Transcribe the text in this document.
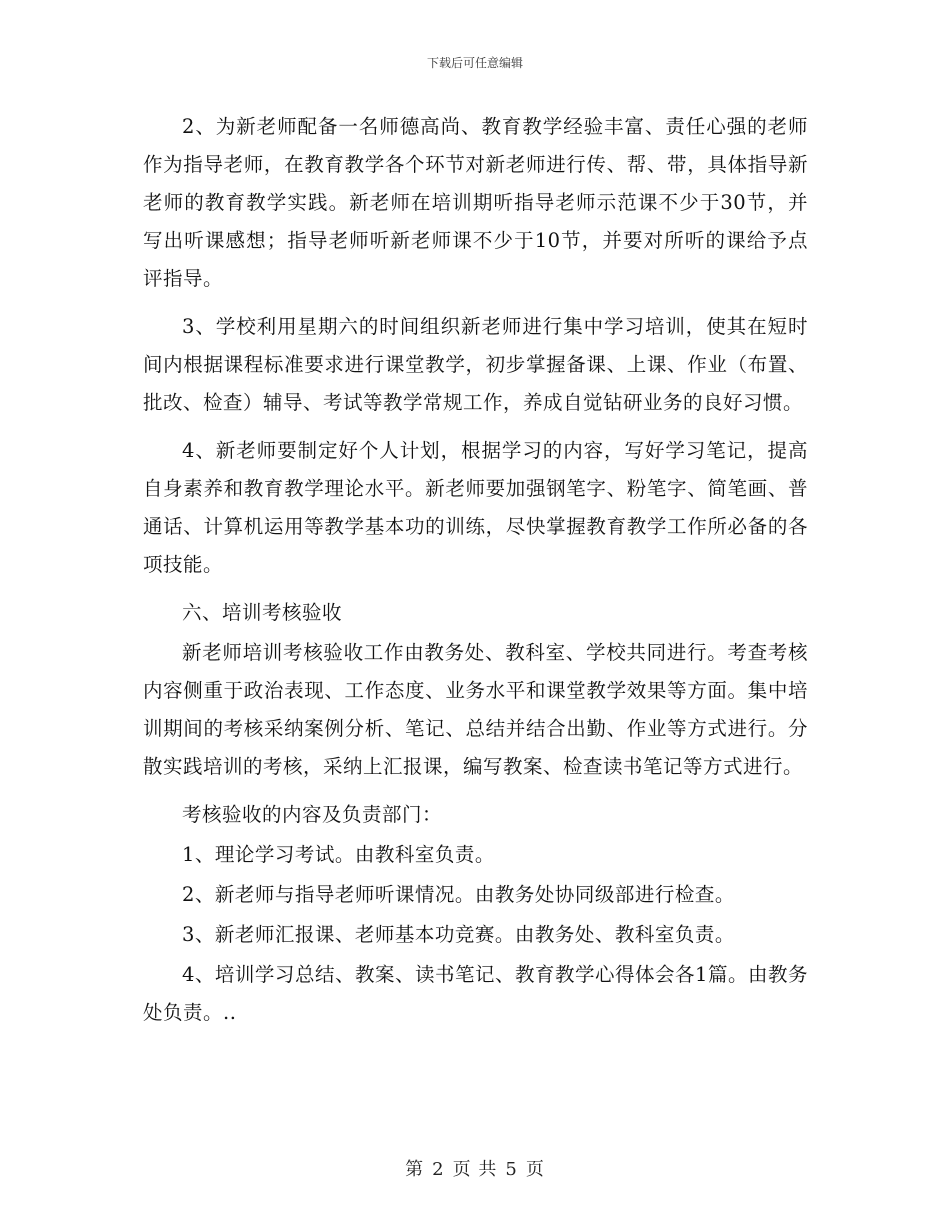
下载后可任意编辑

2、为新老师配备一名师德高尚、教育教学经验丰富、责任心强的老师作为指导老师，在教育教学各个环节对新老师进行传、帮、带，具体指导新老师的教育教学实践。新老师在培训期听指导老师示范课不少于30节，并写出听课感想；指导老师听新老师课不少于10节，并要对所听的课给予点评指导。

3、学校利用星期六的时间组织新老师进行集中学习培训，使其在短时间内根据课程标准要求进行课堂教学，初步掌握备课、上课、作业（布置、批改、检查）辅导、考试等教学常规工作，养成自觉钻研业务的良好习惯。

4、新老师要制定好个人计划，根据学习的内容，写好学习笔记，提高自身素养和教育教学理论水平。新老师要加强钢笔字、粉笔字、简笔画、普通话、计算机运用等教学基本功的训练，尽快掌握教育教学工作所必备的各项技能。

六、培训考核验收

新老师培训考核验收工作由教务处、教科室、学校共同进行。考查考核内容侧重于政治表现、工作态度、业务水平和课堂教学效果等方面。集中培训期间的考核采纳案例分析、笔记、总结并结合出勤、作业等方式进行。分散实践培训的考核，采纳上汇报课，编写教案、检查读书笔记等方式进行。

考核验收的内容及负责部门：

1、理论学习考试。由教科室负责。

2、新老师与指导老师听课情况。由教务处协同级部进行检查。

3、新老师汇报课、老师基本功竞赛。由教务处、教科室负责。

4、培训学习总结、教案、读书笔记、教育教学心得体会各1篇。由教务处负责。..

第 2 页 共 5 页
